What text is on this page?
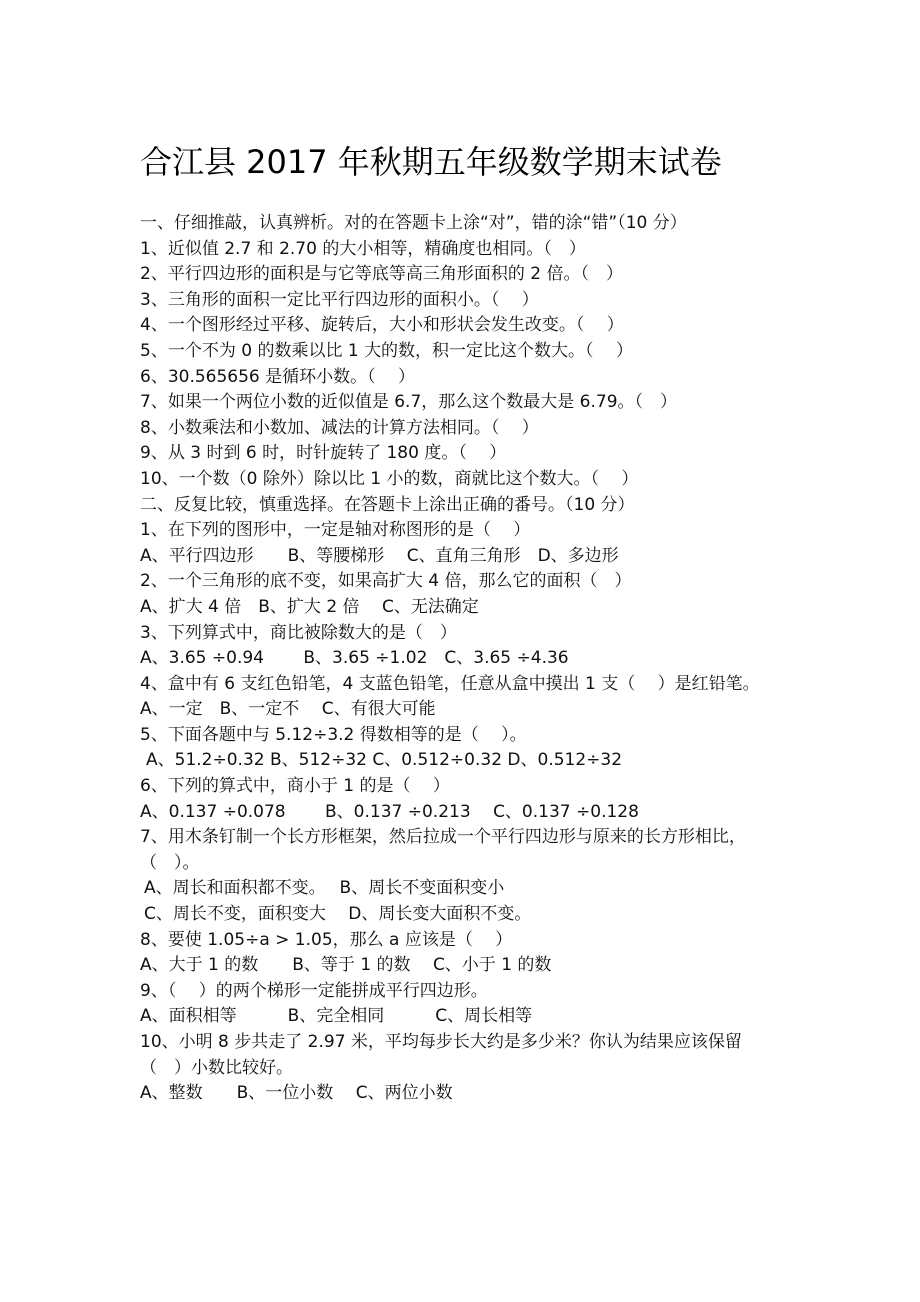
合江县 2017 年秋期五年级数学期末试卷
一、仔细推敲，认真辨析。对的在答题卡上涂“对”，错的涂“错”（10 分）
1、近似值 2.7 和 2.70 的大小相等，精确度也相同。（　）
2、平行四边形的面积是与它等底等高三角形面积的 2 倍。（　）
3、三角形的面积一定比平行四边形的面积小。（　 ）
4、一个图形经过平移、旋转后，大小和形状会发生改变。（　 ）
5、一个不为 0 的数乘以比 1 大的数，积一定比这个数大。（　 ）
6、30.565656 是循环小数。（　 ）
7、如果一个两位小数的近似值是 6.7，那么这个数最大是 6.79。（　）
8、小数乘法和小数加、减法的计算方法相同。（　 ）
9、从 3 时到 6 时，时针旋转了 180 度。（　 ）
10、一个数（0 除外）除以比 1 小的数，商就比这个数大。（　 ）
二、反复比较，慎重选择。在答题卡上涂出正确的番号。（10 分）
1、在下列的图形中，一定是轴对称图形的是（　 ）
A、平行四边形　　B、等腰梯形　 C、直角三角形　D、多边形
2、一个三角形的底不变，如果高扩大 4 倍，那么它的面积（　）
A、扩大 4 倍　B、扩大 2 倍　 C、无法确定
3、下列算式中，商比被除数大的是（　）
A、3.65 ÷0.94　　 B、3.65 ÷1.02　C、3.65 ÷4.36
4、盒中有 6 支红色铅笔，4 支蓝色铅笔，任意从盒中摸出 1 支（　 ）是红铅笔。
A、一定　B、一定不　 C、有很大可能
5、下面各题中与 5.12÷3.2 得数相等的是（　 ）。
A、51.2÷0.32 B、512÷32 C、0.512÷0.32 D、0.512÷32
6、下列的算式中，商小于 1 的是（　 ）
A、0.137 ÷0.078　　 B、0.137 ÷0.213　 C、0.137 ÷0.128
7、用木条钉制一个长方形框架，然后拉成一个平行四边形与原来的长方形相比，
（　）。
A、周长和面积都不变。　 B、周长不变面积变小
C、周长不变，面积变大　 D、周长变大面积不变。
8、要使 1.05÷a > 1.05，那么 a 应该是（　 ）
A、大于 1 的数　　B、等于 1 的数　 C、小于 1 的数
9、（　 ）的两个梯形一定能拼成平行四边形。
A、面积相等　　　B、完全相同　　　C、周长相等
10、小明 8 步共走了 2.97 米，平均每步长大约是多少米？你认为结果应该保留
（　）小数比较好。
A、整数　　B、一位小数　 C、两位小数
